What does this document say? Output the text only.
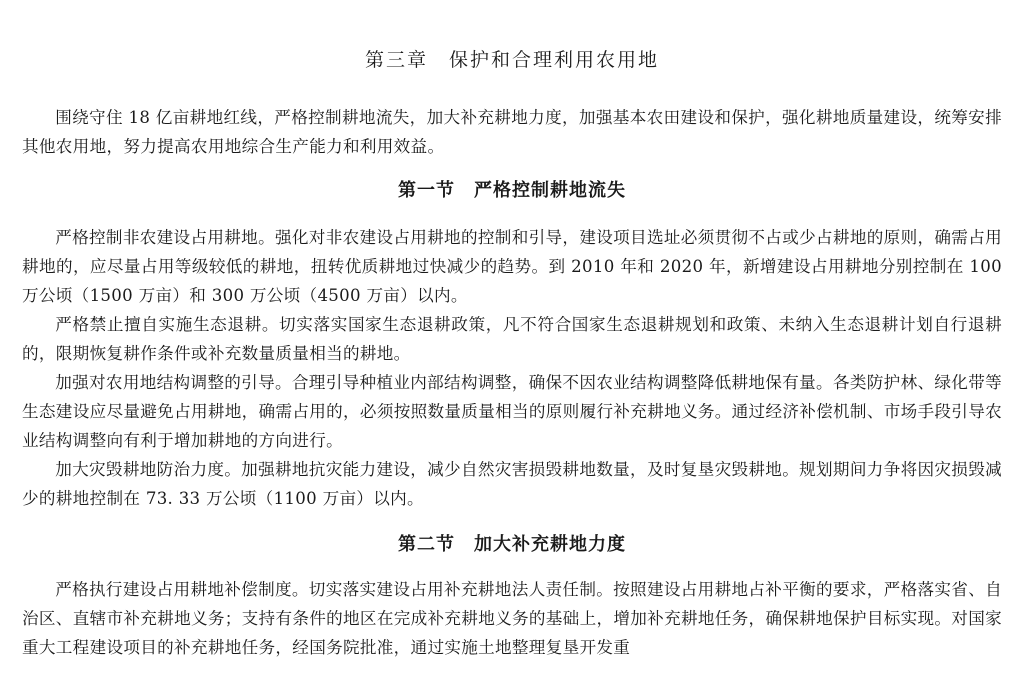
第三章　保护和合理利用农用地

围绕守住 18 亿亩耕地红线，严格控制耕地流失，加大补充耕地力度，加强基本农田建设和保护，强化耕地质量建设，统筹安排其他农用地，努力提高农用地综合生产能力和利用效益。

第一节　严格控制耕地流失

严格控制非农建设占用耕地。强化对非农建设占用耕地的控制和引导，建设项目选址必须贯彻不占或少占耕地的原则，确需占用耕地的，应尽量占用等级较低的耕地，扭转优质耕地过快减少的趋势。到 2010 年和 2020 年，新增建设占用耕地分别控制在 100 万公顷（1500 万亩）和 300 万公顷（4500 万亩）以内。

严格禁止擅自实施生态退耕。切实落实国家生态退耕政策，凡不符合国家生态退耕规划和政策、未纳入生态退耕计划自行退耕的，限期恢复耕作条件或补充数量质量相当的耕地。

加强对农用地结构调整的引导。合理引导种植业内部结构调整，确保不因农业结构调整降低耕地保有量。各类防护林、绿化带等生态建设应尽量避免占用耕地，确需占用的，必须按照数量质量相当的原则履行补充耕地义务。通过经济补偿机制、市场手段引导农业结构调整向有利于增加耕地的方向进行。

加大灾毁耕地防治力度。加强耕地抗灾能力建设，减少自然灾害损毁耕地数量，及时复垦灾毁耕地。规划期间力争将因灾损毁减少的耕地控制在 73. 33 万公顷（1100 万亩）以内。

第二节　加大补充耕地力度

严格执行建设占用耕地补偿制度。切实落实建设占用补充耕地法人责任制。按照建设占用耕地占补平衡的要求，严格落实省、自治区、直辖市补充耕地义务；支持有条件的地区在完成补充耕地义务的基础上，增加补充耕地任务，确保耕地保护目标实现。对国家重大工程建设项目的补充耕地任务，经国务院批准，通过实施土地整理复垦开发重
